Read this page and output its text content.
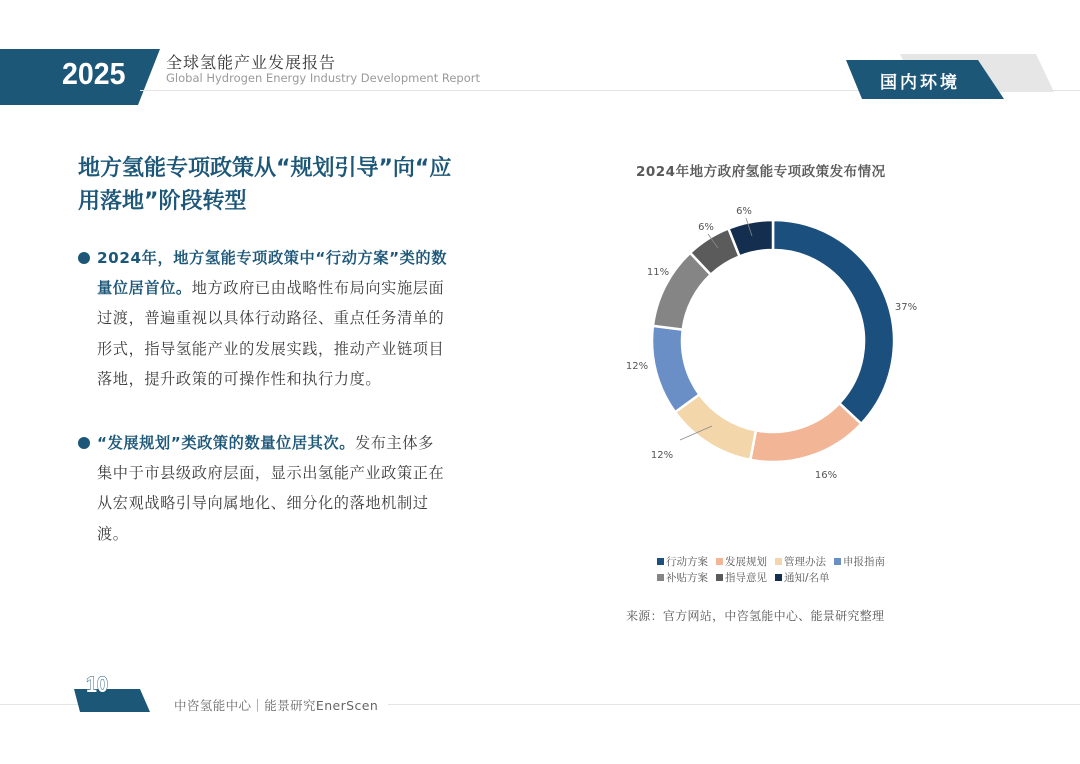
2025	全球氢能产业发展报告
Global Hydrogen Energy Industry Development Report	国内环境
地方氢能专项政策从“规划引导”向“应用落地”阶段转型
2024年，地方氢能专项政策中“行动方案”类的数量位居首位。地方政府已由战略性布局向实施层面过渡，普遍重视以具体行动路径、重点任务清单的形式，指导氢能产业的发展实践，推动产业链项目落地，提升政策的可操作性和执行力度。
“发展规划”类政策的数量位居其次。发布主体多集中于市县级政府层面，显示出氢能产业政策正在从宏观战略引导向属地化、细分化的落地机制过渡。
2024年地方政府氢能专项政策发布情况
37%
16%
12%
12%
11%
6%
6%
行动方案 发展规划 管理办法 申报指南
补贴方案 指导意见 通知/名单
来源：官方网站，中咨氢能中心、能景研究整理
10
中咨氢能中心｜能景研究EnerScen
